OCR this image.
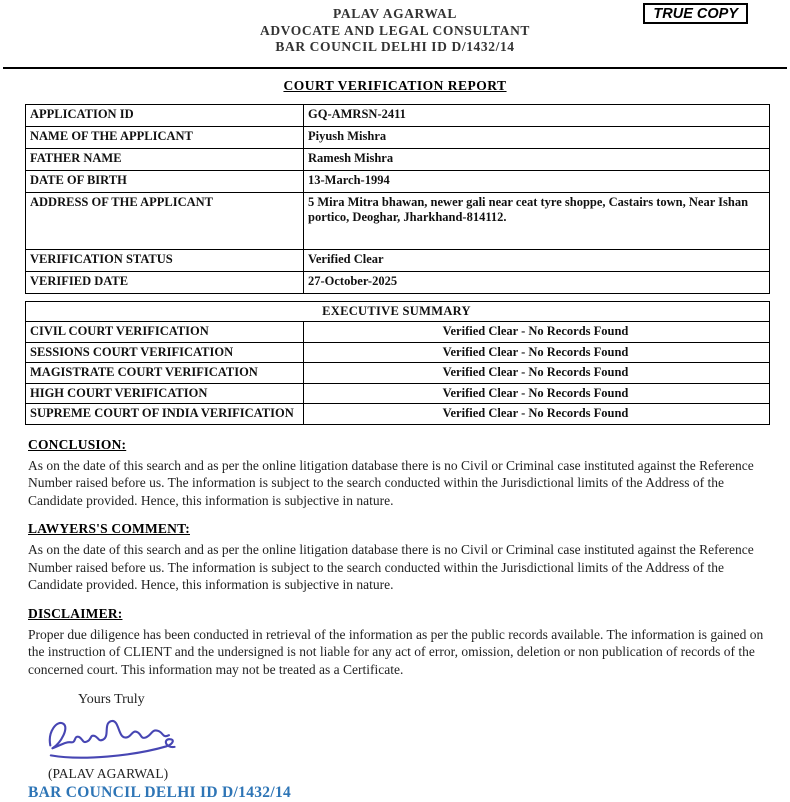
TRUE COPY
PALAV AGARWAL
ADVOCATE AND LEGAL CONSULTANT
BAR COUNCIL DELHI ID D/1432/14
COURT VERIFICATION REPORT
APPLICATION ID	GQ-AMRSN-2411
NAME OF THE APPLICANT	Piyush Mishra
FATHER NAME	Ramesh Mishra
DATE OF BIRTH	13-March-1994
ADDRESS OF THE APPLICANT	5 Mira Mitra bhawan, newer gali near ceat tyre shoppe, Castairs town, Near Ishan portico, Deoghar, Jharkhand-814112.
VERIFICATION STATUS	Verified Clear
VERIFIED DATE	27-October-2025
EXECUTIVE SUMMARY	
CIVIL COURT VERIFICATION	Verified Clear - No Records Found
SESSIONS COURT VERIFICATION	Verified Clear - No Records Found
MAGISTRATE COURT VERIFICATION	Verified Clear - No Records Found
HIGH COURT VERIFICATION	Verified Clear - No Records Found
SUPREME COURT OF INDIA VERIFICATION	Verified Clear - No Records Found
CONCLUSION:
As on the date of this search and as per the online litigation database there is no Civil or Criminal case instituted against the Reference Number raised before us. The information is subject to the search conducted within the Jurisdictional limits of the Address of the Candidate provided. Hence, this information is subjective in nature.
LAWYERS'S COMMENT:
As on the date of this search and as per the online litigation database there is no Civil or Criminal case instituted against the Reference Number raised before us. The information is subject to the search conducted within the Jurisdictional limits of the Address of the Candidate provided. Hence, this information is subjective in nature.
DISCLAIMER:
Proper due diligence has been conducted in retrieval of the information as per the public records available. The information is gained on the instruction of CLIENT and the undersigned is not liable for any act of error, omission, deletion or non publication of records of the concerned court. This information may not be treated as a Certificate.
Yours Truly
(PALAV AGARWAL)
BAR COUNCIL DELHI ID D/1432/14
